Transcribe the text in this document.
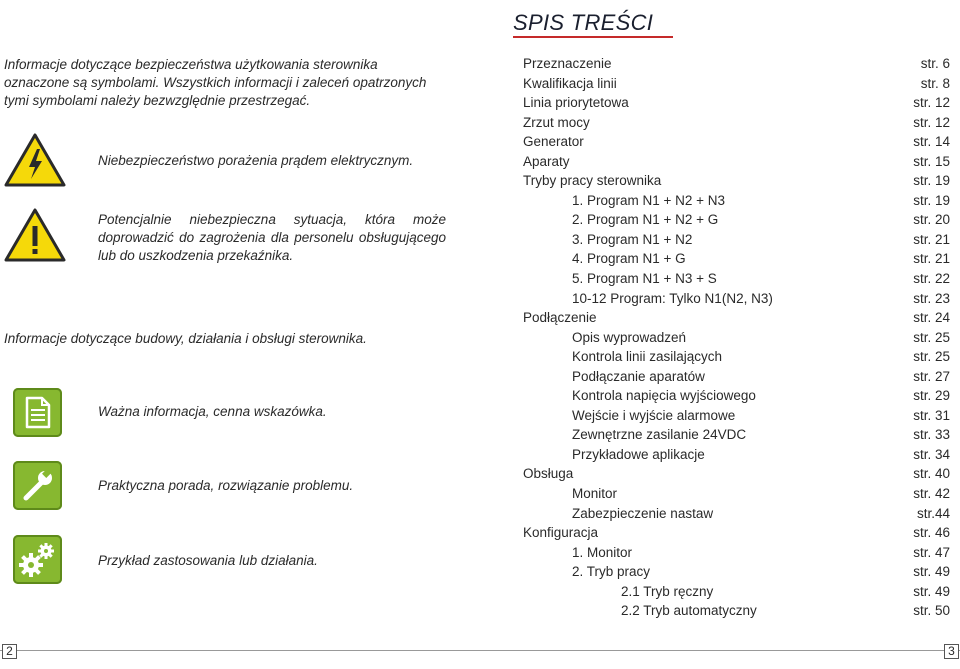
Informacje dotyczące bezpieczeństwa użytkowania sterownika
oznaczone są symbolami. Wszystkich informacji i zaleceń opatrzonych
tymi symbolami należy bezwzględnie przestrzegać.
Niebezpieczeństwo porażenia prądem elektrycznym.
Potencjalnie niebezpieczna sytuacja, która może
doprowadzić do zagrożenia dla personelu obsługującego
lub do uszkodzenia przekaźnika.
Informacje dotyczące budowy, działania i obsługi sterownika.
Ważna informacja, cenna wskazówka.
Praktyczna porada, rozwiązanie problemu.
Przykład zastosowania lub działania.
SPIS TREŚCI
Przeznaczenie	str. 6
Kwalifikacja linii	str. 8
Linia priorytetowa	str. 12
Zrzut mocy	str. 12
Generator	str. 14
Aparaty	str. 15
Tryby pracy sterownika	str. 19
1. Program N1 + N2 + N3	str. 19
2. Program N1 + N2 + G	str. 20
3. Program N1 + N2	str. 21
4. Program N1 + G	str. 21
5. Program N1 + N3 + S	str. 22
10-12 Program: Tylko N1(N2, N3)	str. 23
Podłączenie	str. 24
Opis wyprowadzeń	str. 25
Kontrola linii zasilających	str. 25
Podłączanie aparatów	str. 27
Kontrola napięcia wyjściowego	str. 29
Wejście i wyjście alarmowe	str. 31
Zewnętrzne zasilanie 24VDC	str. 33
Przykładowe aplikacje	str. 34
Obsługa	str. 40
Monitor	str. 42
Zabezpieczenie nastaw	str.44
Konfiguracja	str. 46
1. Monitor	str. 47
2. Tryb pracy	str. 49
2.1 Tryb ręczny	str. 49
2.2 Tryb automatyczny	str. 50
2	3
